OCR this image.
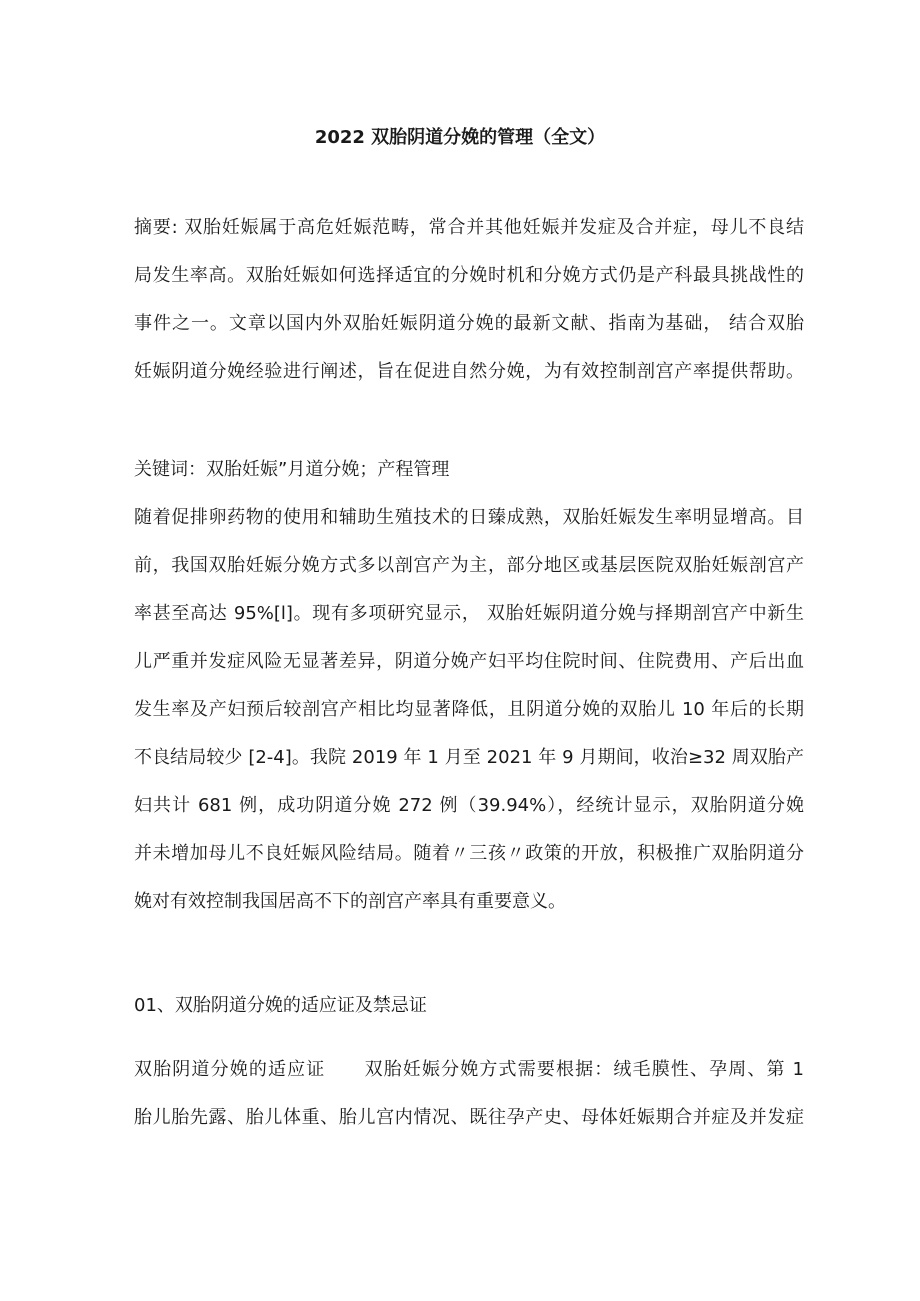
2022 双胎阴道分娩的管理（全文）
摘要: 双胎妊娠属于高危妊娠范畴，常合并其他妊娠并发症及合并症，母儿不良结
局发生率高。双胎妊娠如何选择适宜的分娩时机和分娩方式仍是产科最具挑战性的
事件之一。文章以国内外双胎妊娠阴道分娩的最新文献、指南为基础， 结合双胎
妊娠阴道分娩经验进行阐述，旨在促进自然分娩，为有效控制剖宫产率提供帮助。
关键词：双胎妊娠”月道分娩；产程管理
随着促排卵药物的使用和辅助生殖技术的日臻成熟，双胎妊娠发生率明显增高。目
前，我国双胎妊娠分娩方式多以剖宫产为主，部分地区或基层医院双胎妊娠剖宫产
率甚至高达 95%[l]。现有多项研究显示， 双胎妊娠阴道分娩与择期剖宫产中新生
儿严重并发症风险无显著差异，阴道分娩产妇平均住院时间、住院费用、产后出血
发生率及产妇预后较剖宫产相比均显著降低，且阴道分娩的双胎儿 10 年后的长期
不良结局较少 [2-4]。我院 2019 年 1 月至 2021 年 9 月期间，收治≥32 周双胎产
妇共计 681 例，成功阴道分娩 272 例（39.94%），经统计显示，双胎阴道分娩
并未增加母儿不良妊娠风险结局。随着〃三孩〃政策的开放，积极推广双胎阴道分
娩对有效控制我国居高不下的剖宫产率具有重要意义。
01、双胎阴道分娩的适应证及禁忌证
双胎阴道分娩的适应证 双胎妊娠分娩方式需要根据：绒毛膜性、孕周、第 1
胎儿胎先露、胎儿体重、胎儿宫内情况、既往孕产史、母体妊娠期合并症及并发症
